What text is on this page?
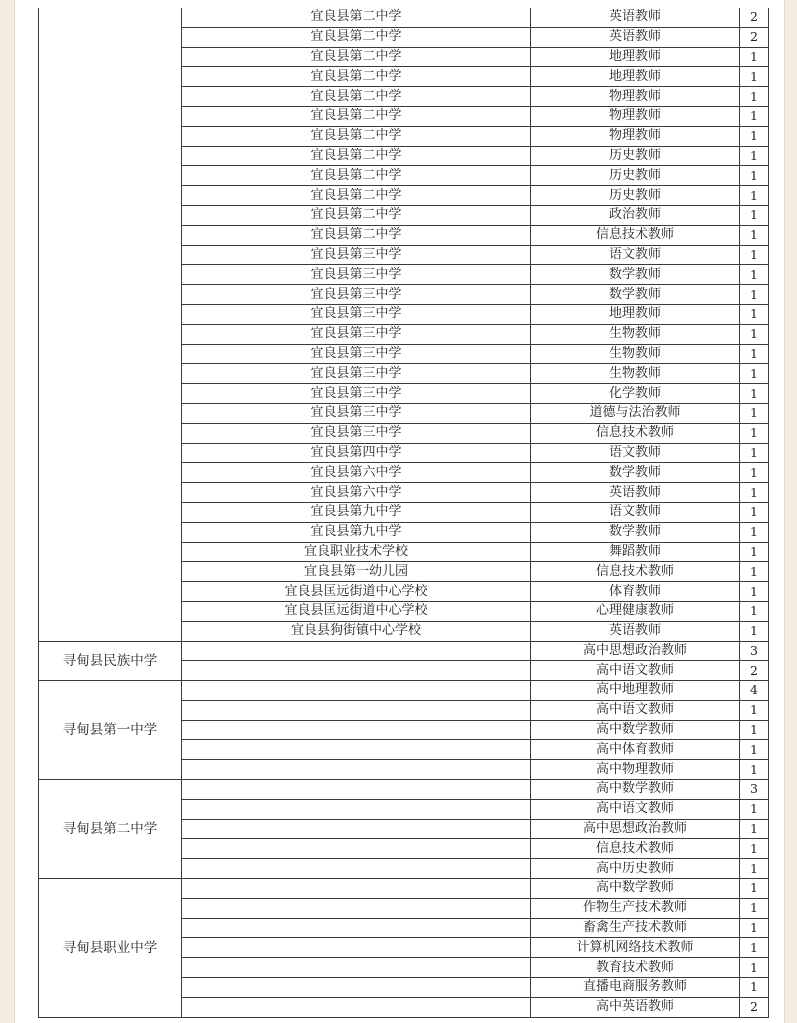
	宜良县第二中学	英语教师	2
	宜良县第二中学	英语教师	2
	宜良县第二中学	地理教师	1
	宜良县第二中学	地理教师	1
	宜良县第二中学	物理教师	1
	宜良县第二中学	物理教师	1
	宜良县第二中学	物理教师	1
	宜良县第二中学	历史教师	1
	宜良县第二中学	历史教师	1
	宜良县第二中学	历史教师	1
	宜良县第二中学	政治教师	1
	宜良县第二中学	信息技术教师	1
	宜良县第三中学	语文教师	1
	宜良县第三中学	数学教师	1
	宜良县第三中学	数学教师	1
	宜良县第三中学	地理教师	1
	宜良县第三中学	生物教师	1
	宜良县第三中学	生物教师	1
	宜良县第三中学	生物教师	1
	宜良县第三中学	化学教师	1
	宜良县第三中学	道德与法治教师	1
	宜良县第三中学	信息技术教师	1
	宜良县第四中学	语文教师	1
	宜良县第六中学	数学教师	1
	宜良县第六中学	英语教师	1
	宜良县第九中学	语文教师	1
	宜良县第九中学	数学教师	1
	宜良职业技术学校	舞蹈教师	1
	宜良县第一幼儿园	信息技术教师	1
	宜良县匡远街道中心学校	体育教师	1
	宜良县匡远街道中心学校	心理健康教师	1
	宜良县狗街镇中心学校	英语教师	1
寻甸县民族中学		高中思想政治教师	3
		高中语文教师	2
寻甸县第一中学		高中地理教师	4
		高中语文教师	1
		高中数学教师	1
		高中体育教师	1
		高中物理教师	1
寻甸县第二中学		高中数学教师	3
		高中语文教师	1
		高中思想政治教师	1
		信息技术教师	1
		高中历史教师	1
寻甸县职业中学		高中数学教师	1
		作物生产技术教师	1
		畜禽生产技术教师	1
		计算机网络技术教师	1
		教育技术教师	1
		直播电商服务教师	1
		高中英语教师	2
